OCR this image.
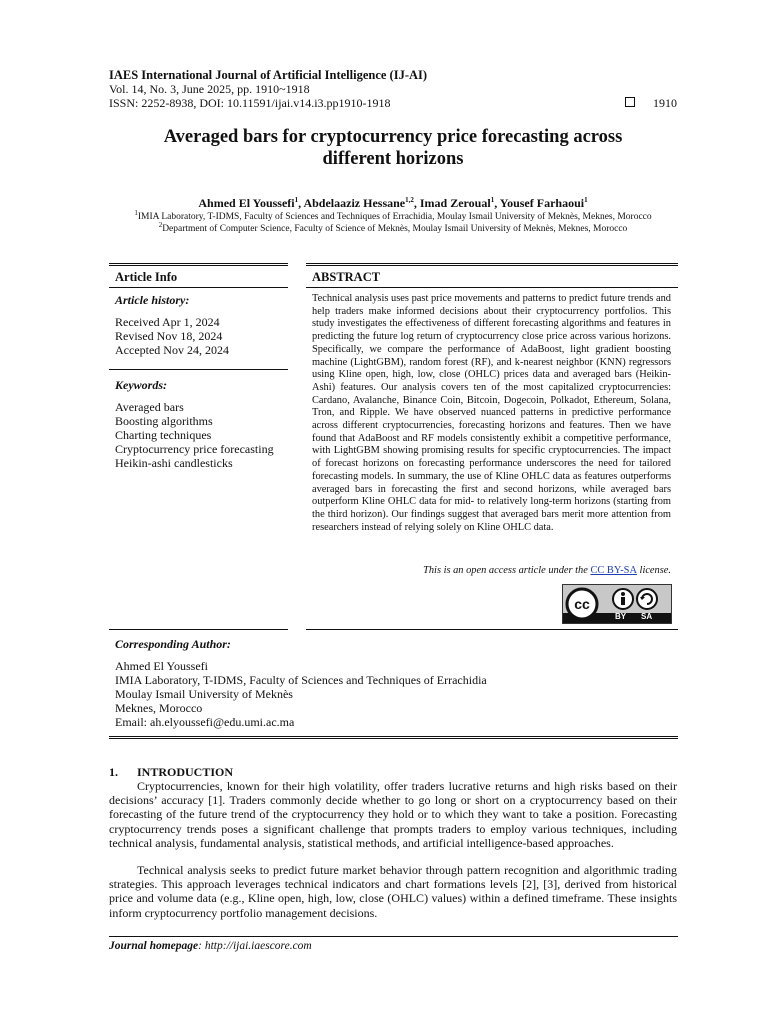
IAES International Journal of Artificial Intelligence (IJ-AI)
Vol. 14, No. 3, June 2025, pp. 1910~1918
ISSN: 2252-8938, DOI: 10.11591/ijai.v14.i3.pp1910-1918	1910
Averaged bars for cryptocurrency price forecasting across
different horizons
Ahmed El Youssefi$^1$, Abdelaaziz Hessane$^{1,2}$, Imad Zeroual$^1$, Yousef Farhaoui$^1$
$^1$IMIA Laboratory, T-IDMS, Faculty of Sciences and Techniques of Errachidia, Moulay Ismail University of Meknès, Meknes, Morocco
$^2$Department of Computer Science, Faculty of Science of Meknès, Moulay Ismail University of Meknès, Meknes, Morocco
Article Info
Article history:
Received Apr 1, 2024
Revised Nov 18, 2024
Accepted Nov 24, 2024
Keywords:
Averaged bars
Boosting algorithms
Charting techniques
Cryptocurrency price forecasting
Heikin-ashi candlesticks
ABSTRACT
Technical analysis uses past price movements and patterns to predict future trends and help traders make informed decisions about their cryptocurrency portfolios. This study investigates the effectiveness of different forecasting algorithms and features in predicting the future log return of cryptocurrency close price across various horizons. Specifically, we compare the performance of AdaBoost, light gradient boosting machine (LightGBM), random forest (RF), and k-nearest neighbor (KNN) regressors using Kline open, high, low, close (OHLC) prices data and averaged bars (Heikin-Ashi) features. Our analysis covers ten of the most capitalized cryptocurrencies: Cardano, Avalanche, Binance Coin, Bitcoin, Dogecoin, Polkadot, Ethereum, Solana, Tron, and Ripple. We have observed nuanced patterns in predictive performance across different cryptocurrencies, forecasting horizons and features. Then we have found that AdaBoost and RF models consistently exhibit a competitive performance, with LightGBM showing promising results for specific cryptocurrencies. The impact of forecast horizons on forecasting performance underscores the need for tailored forecasting models. In summary, the use of Kline OHLC data as features outperforms averaged bars in forecasting the first and second horizons, while averaged bars outperform Kline OHLC data for mid- to relatively long-term horizons (starting from the third horizon). Our findings suggest that averaged bars merit more attention from researchers instead of relying solely on Kline OHLC data.
This is an open access article under the CC BY-SA license.
cc
BY SA
Corresponding Author:
Ahmed El Youssefi
IMIA Laboratory, T-IDMS, Faculty of Sciences and Techniques of Errachidia
Moulay Ismail University of Meknès
Meknes, Morocco
Email: ah.elyoussefi@edu.umi.ac.ma
1. INTRODUCTION
Cryptocurrencies, known for their high volatility, offer traders lucrative returns and high risks based on their decisions’ accuracy [1]. Traders commonly decide whether to go long or short on a cryptocurrency based on their forecasting of the future trend of the cryptocurrency they hold or to which they want to take a position. Forecasting cryptocurrency trends poses a significant challenge that prompts traders to employ various techniques, including technical analysis, fundamental analysis, statistical methods, and artificial intelligence-based approaches.
Technical analysis seeks to predict future market behavior through pattern recognition and algorithmic trading strategies. This approach leverages technical indicators and chart formations levels [2], [3], derived from historical price and volume data (e.g., Kline open, high, low, close (OHLC) values) within a defined timeframe. These insights inform cryptocurrency portfolio management decisions.
Journal homepage: http://ijai.iaescore.com
